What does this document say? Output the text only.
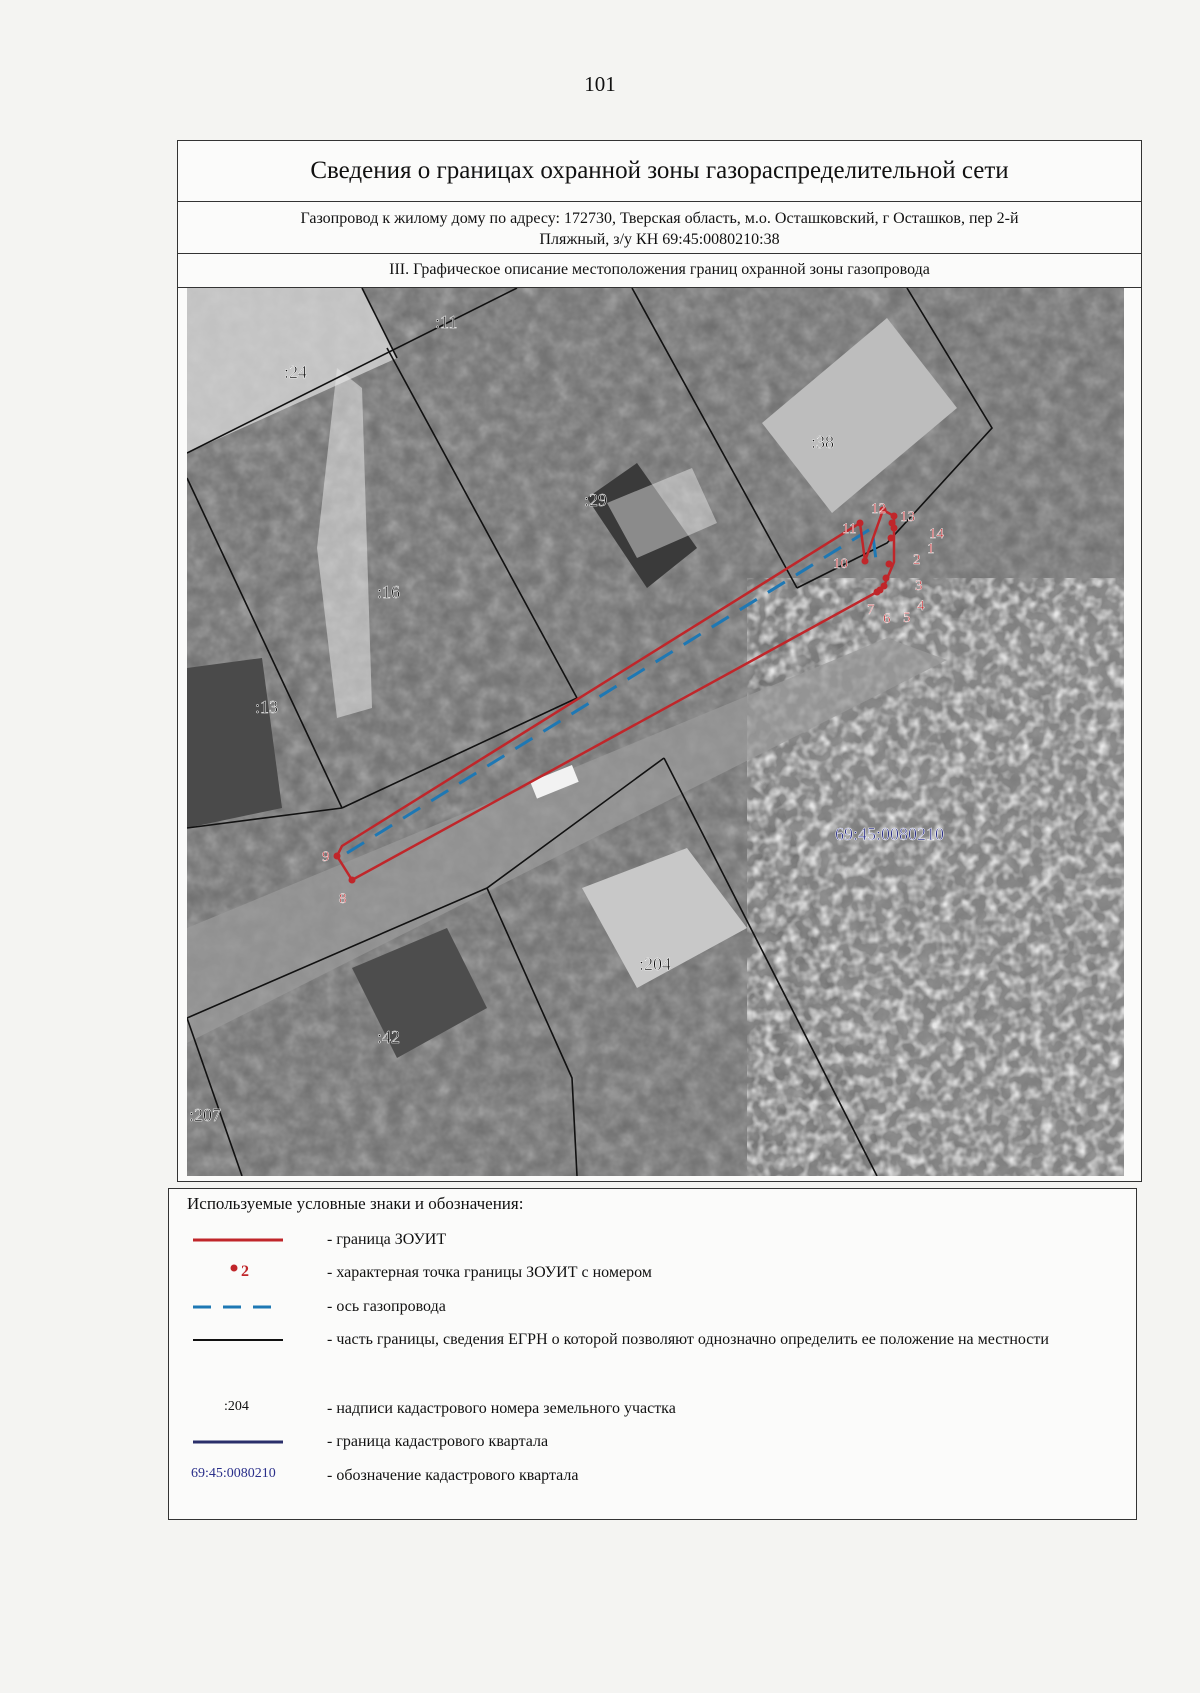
101
Сведения о границах охранной зоны газораспределительной сети
Газопровод к жилому дому по адресу: 172730, Тверская область, м.о. Осташковский, г Осташков, пер 2-й
Пляжный, з/у КН 69:45:0080210:38
III. Графическое описание местоположения границ охранной зоны газопровода
1
2
3
4
5
6
7
8
9
10
11
12 13
14
:11
:24
:38
:29
:16
:13
:204
:42
:207
69:45:0080210
Используемые условные знаки и обозначения:
- граница ЗОУИТ
2	- характерная точка границы ЗОУИТ с номером
- ось газопровода
- часть границы, сведения ЕГРН о которой позволяют однозначно определить ее положение на местности
:204	- надписи кадастрового номера земельного участка
- граница кадастрового квартала
69:45:0080210	- обозначение кадастрового квартала
